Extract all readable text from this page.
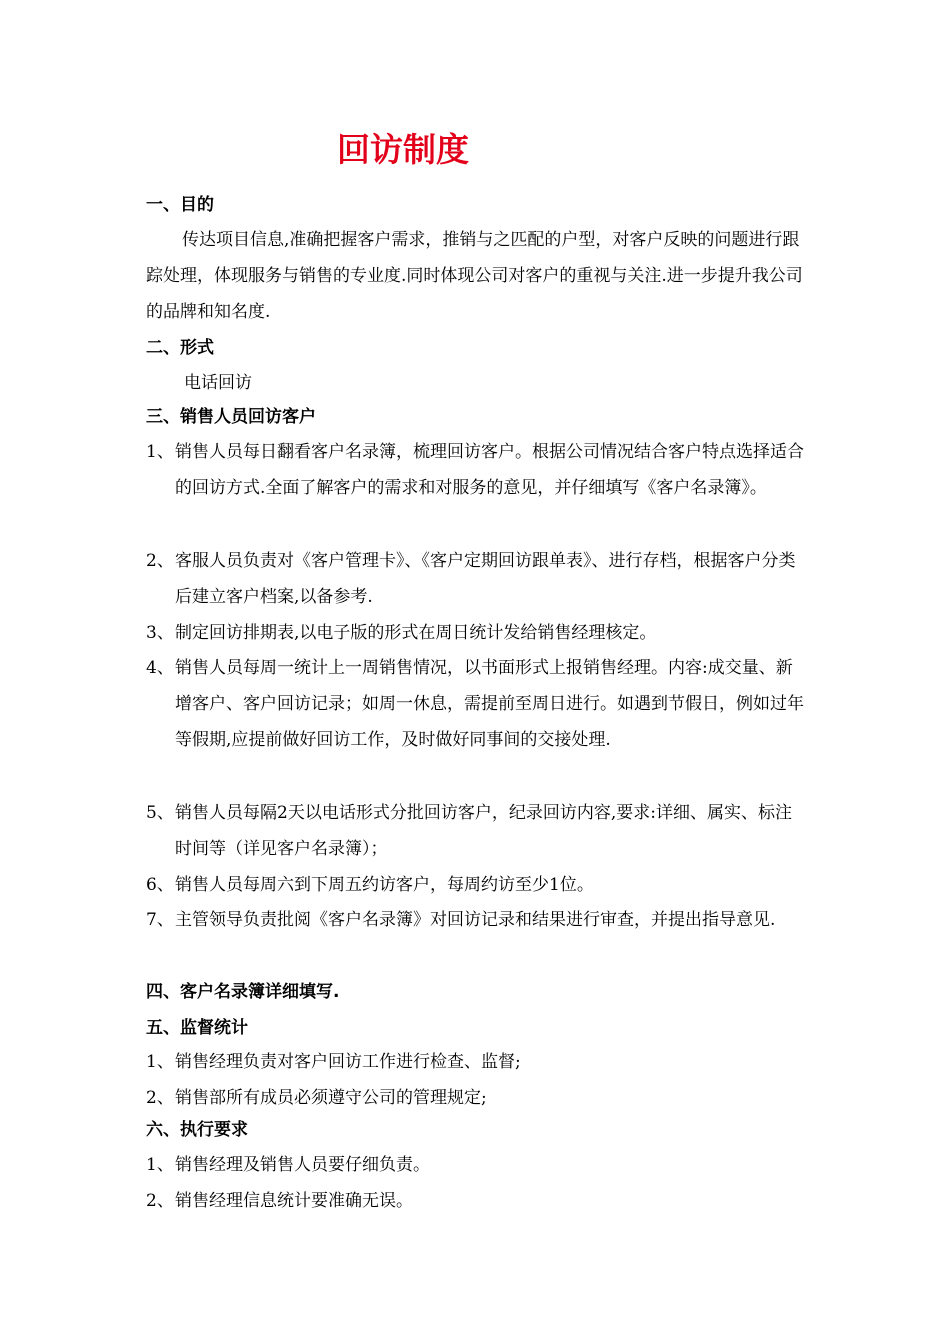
回访制度
一、目的
传达项目信息,准确把握客户需求，推销与之匹配的户型，对客户反映的问题进行跟踪处理，体现服务与销售的专业度.同时体现公司对客户的重视与关注.进一步提升我公司的品牌和知名度.
二、形式
电话回访
三、销售人员回访客户
1、 销售人员每日翻看客户名录簿，梳理回访客户。根据公司情况结合客户特点选择适合的回访方式.全面了解客户的需求和对服务的意见，并仔细填写《客户名录簿》。
2、 客服人员负责对《客户管理卡》、《客户定期回访跟单表》、进行存档，根据客户分类后建立客户档案,以备参考.
3、 制定回访排期表,以电子版的形式在周日统计发给销售经理核定。
4、 销售人员每周一统计上一周销售情况，以书面形式上报销售经理。内容:成交量、新增客户、客户回访记录；如周一休息，需提前至周日进行。如遇到节假日，例如过年等假期,应提前做好回访工作，及时做好同事间的交接处理.
5、 销售人员每隔2天以电话形式分批回访客户，纪录回访内容,要求:详细、属实、标注时间等（详见客户名录簿）；
6、 销售人员每周六到下周五约访客户，每周约访至少1位。
7、 主管领导负责批阅《客户名录簿》对回访记录和结果进行审查，并提出指导意见.
四、客户名录簿详细填写.
五、监督统计
1、 销售经理负责对客户回访工作进行检查、监督;
2、 销售部所有成员必须遵守公司的管理规定;
六、执行要求
1、 销售经理及销售人员要仔细负责。
2、 销售经理信息统计要准确无误。
